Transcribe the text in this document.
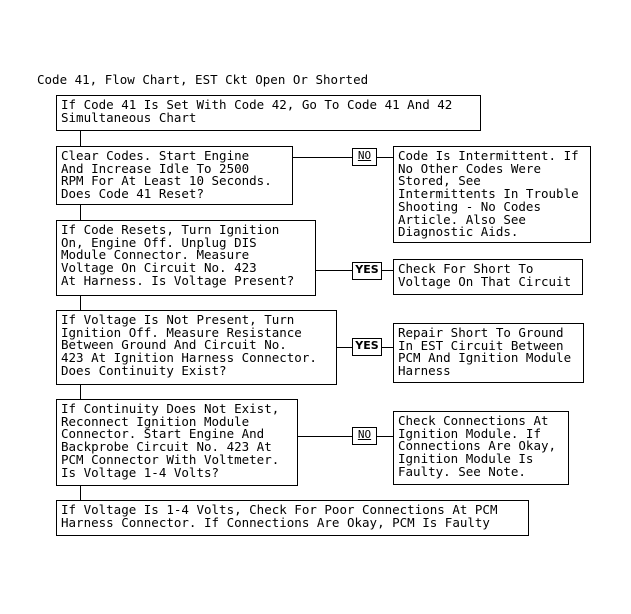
Code 41, Flow Chart, EST Ckt Open Or Shorted
If Code 41 Is Set With Code 42, Go To Code 41 And 42
Simultaneous Chart
Clear Codes. Start Engine
And Increase Idle To 2500
RPM For At Least 10 Seconds.
Does Code 41 Reset?
If Code Resets, Turn Ignition
On, Engine Off. Unplug DIS
Module Connector. Measure
Voltage On Circuit No. 423
At Harness. Is Voltage Present?
If Voltage Is Not Present, Turn
Ignition Off. Measure Resistance
Between Ground And Circuit No.
423 At Ignition Harness Connector.
Does Continuity Exist?
If Continuity Does Not Exist,
Reconnect Ignition Module
Connector. Start Engine And
Backprobe Circuit No. 423 At
PCM Connector With Voltmeter.
Is Voltage 1-4 Volts?
If Voltage Is 1-4 Volts, Check For Poor Connections At PCM
Harness Connector. If Connections Are Okay, PCM Is Faulty
NO
YES
YES
NO
Code Is Intermittent. If
No Other Codes Were
Stored, See
Intermittents In Trouble
Shooting - No Codes
Article. Also See
Diagnostic Aids.
Check For Short To
Voltage On That Circuit
Repair Short To Ground
In EST Circuit Between
PCM And Ignition Module
Harness
Check Connections At
Ignition Module. If
Connections Are Okay,
Ignition Module Is
Faulty. See Note.
